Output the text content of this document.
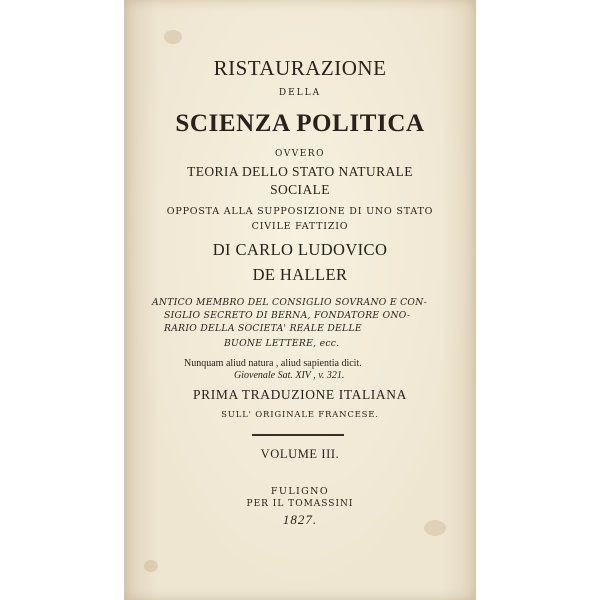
RISTAURAZIONE
DELLA
SCIENZA POLITICA
OVVERO
TEORIA DELLO STATO NATURALE
SOCIALE
OPPOSTA ALLA SUPPOSIZIONE DI UNO STATO
CIVILE FATTIZIO
DI CARLO LUDOVICO
DE HALLER
ANTICO MEMBRO DEL CONSIGLIO SOVRANO E CON-
SIGLIO SECRETO DI BERNA, FONDATORE ONO-
RARIO DELLA SOCIETA' REALE DELLE
BUONE LETTERE, ecc.
Nunquam aliud natura , aliud sapientia dicit.
Giovenale Sat. XIV , v. 321.
PRIMA TRADUZIONE ITALIANA
SULL' ORIGINALE FRANCESE.
VOLUME III.
FULIGNO
PER IL TOMASSINI
1827.
